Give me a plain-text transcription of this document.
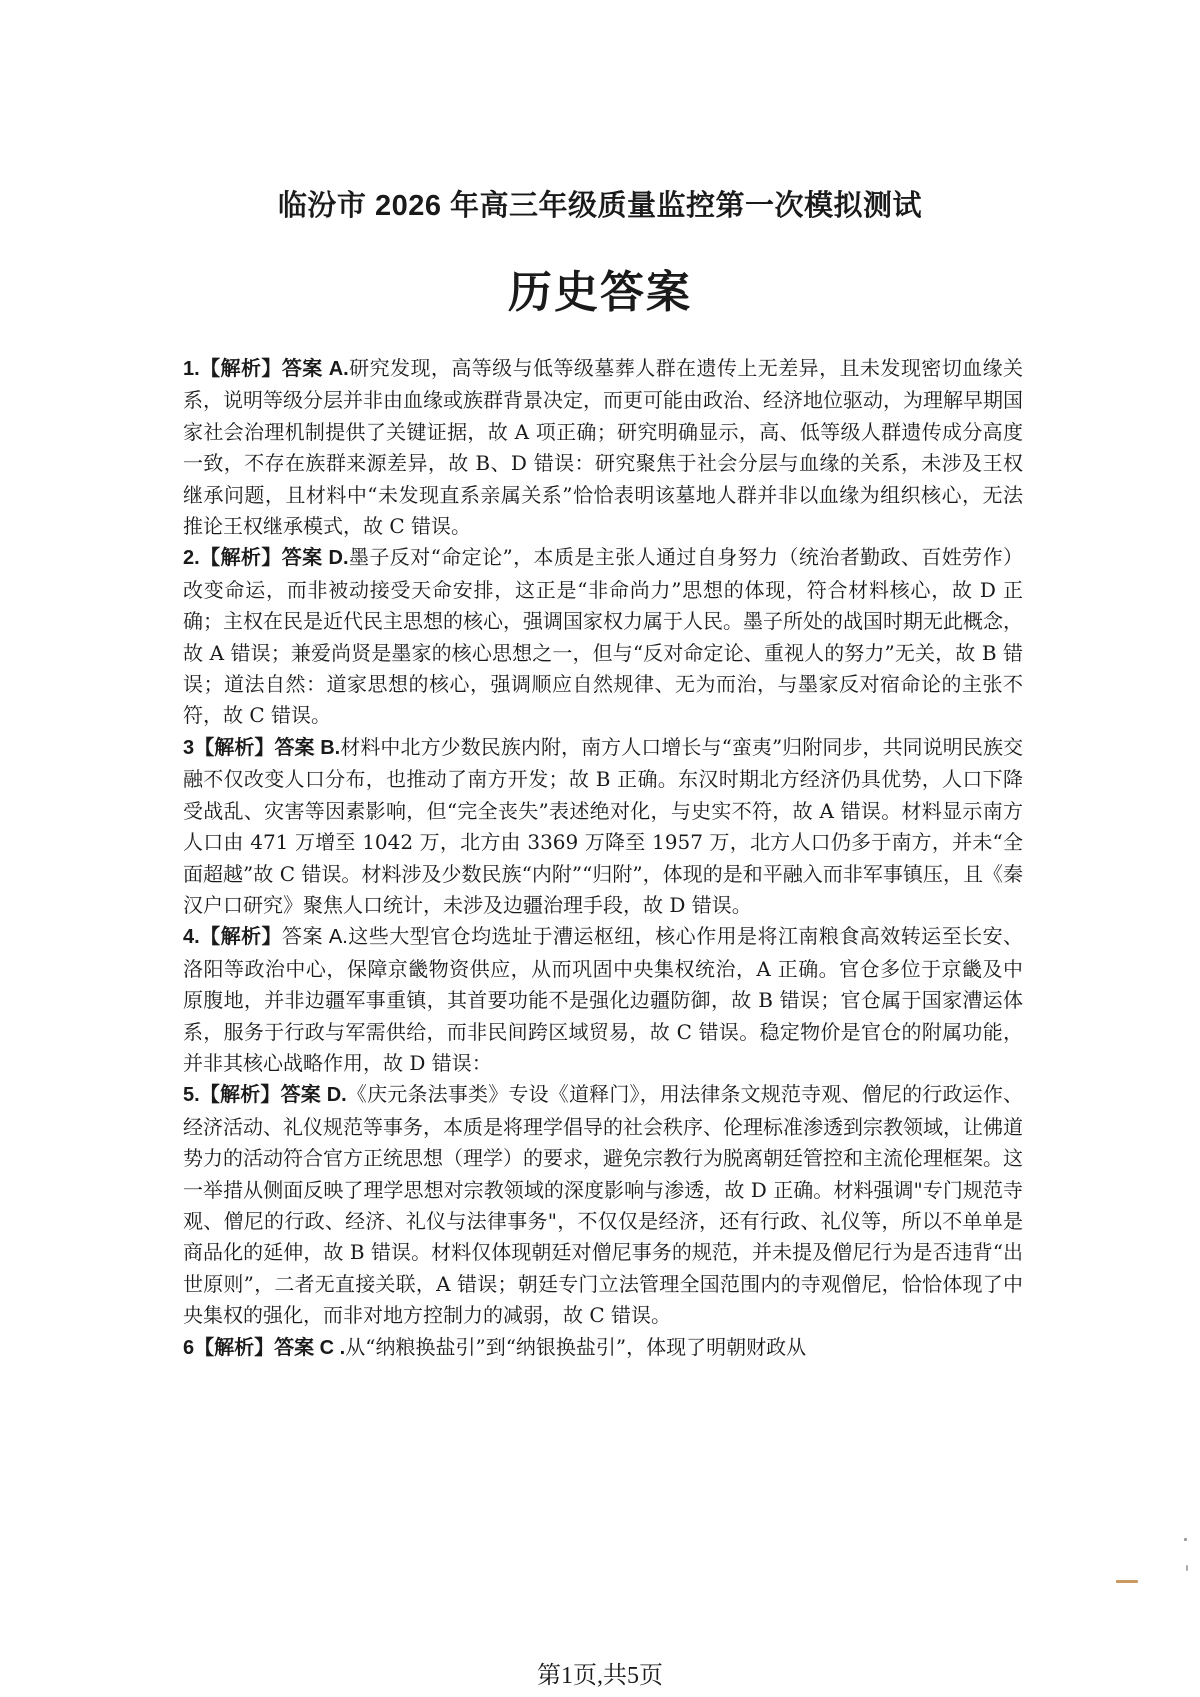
临汾市 2026 年高三年级质量监控第一次模拟测试
历史答案

1.【解析】答案 A.研究发现，高等级与低等级墓葬人群在遗传上无差异，且未发现密切血缘关系，说明等级分层并非由血缘或族群背景决定，而更可能由政治、经济地位驱动，为理解早期国家社会治理机制提供了关键证据，故 A 项正确；研究明确显示，高、低等级人群遗传成分高度一致，不存在族群来源差异，故 B、D 错误：研究聚焦于社会分层与血缘的关系，未涉及王权继承问题，且材料中“未发现直系亲属关系”恰恰表明该墓地人群并非以血缘为组织核心，无法推论王权继承模式，故 C 错误。

2.【解析】答案 D.墨子反对“命定论”，本质是主张人通过自身努力（统治者勤政、百姓劳作）改变命运，而非被动接受天命安排，这正是“非命尚力”思想的体现，符合材料核心，故 D 正确；主权在民是近代民主思想的核心，强调国家权力属于人民。墨子所处的战国时期无此概念，故 A 错误；兼爱尚贤是墨家的核心思想之一，但与“反对命定论、重视人的努力”无关，故 B 错误；道法自然：道家思想的核心，强调顺应自然规律、无为而治，与墨家反对宿命论的主张不符，故 C 错误。

3【解析】答案 B.材料中北方少数民族内附，南方人口增长与“蛮夷”归附同步，共同说明民族交融不仅改变人口分布，也推动了南方开发；故 B 正确。东汉时期北方经济仍具优势，人口下降受战乱、灾害等因素影响，但“完全丧失”表述绝对化，与史实不符，故 A 错误。材料显示南方人口由 471 万增至 1042 万，北方由 3369 万降至 1957 万，北方人口仍多于南方，并未“全面超越”故 C 错误。材料涉及少数民族“内附”“归附”，体现的是和平融入而非军事镇压，且《秦汉户口研究》聚焦人口统计，未涉及边疆治理手段，故 D 错误。

4.【解析】答案 A.这些大型官仓均选址于漕运枢纽，核心作用是将江南粮食高效转运至长安、洛阳等政治中心，保障京畿物资供应，从而巩固中央集权统治，A 正确。官仓多位于京畿及中原腹地，并非边疆军事重镇，其首要功能不是强化边疆防御，故 B 错误；官仓属于国家漕运体系，服务于行政与军需供给，而非民间跨区域贸易，故 C 错误。稳定物价是官仓的附属功能，并非其核心战略作用，故 D 错误：

5.【解析】答案 D.《庆元条法事类》专设《道释门》，用法律条文规范寺观、僧尼的行政运作、经济活动、礼仪规范等事务，本质是将理学倡导的社会秩序、伦理标准渗透到宗教领域，让佛道势力的活动符合官方正统思想（理学）的要求，避免宗教行为脱离朝廷管控和主流伦理框架。这一举措从侧面反映了理学思想对宗教领域的深度影响与渗透，故 D 正确。材料强调"专门规范寺观、僧尼的行政、经济、礼仪与法律事务"，不仅仅是经济，还有行政、礼仪等，所以不单单是商品化的延伸，故 B 错误。材料仅体现朝廷对僧尼事务的规范，并未提及僧尼行为是否违背“出世原则”，二者无直接关联，A 错误；朝廷专门立法管理全国范围内的寺观僧尼，恰恰体现了中央集权的强化，而非对地方控制力的减弱，故 C 错误。

6【解析】答案 C .从“纳粮换盐引”到“纳银换盐引”，体现了明朝财政从

第1页,共5页
